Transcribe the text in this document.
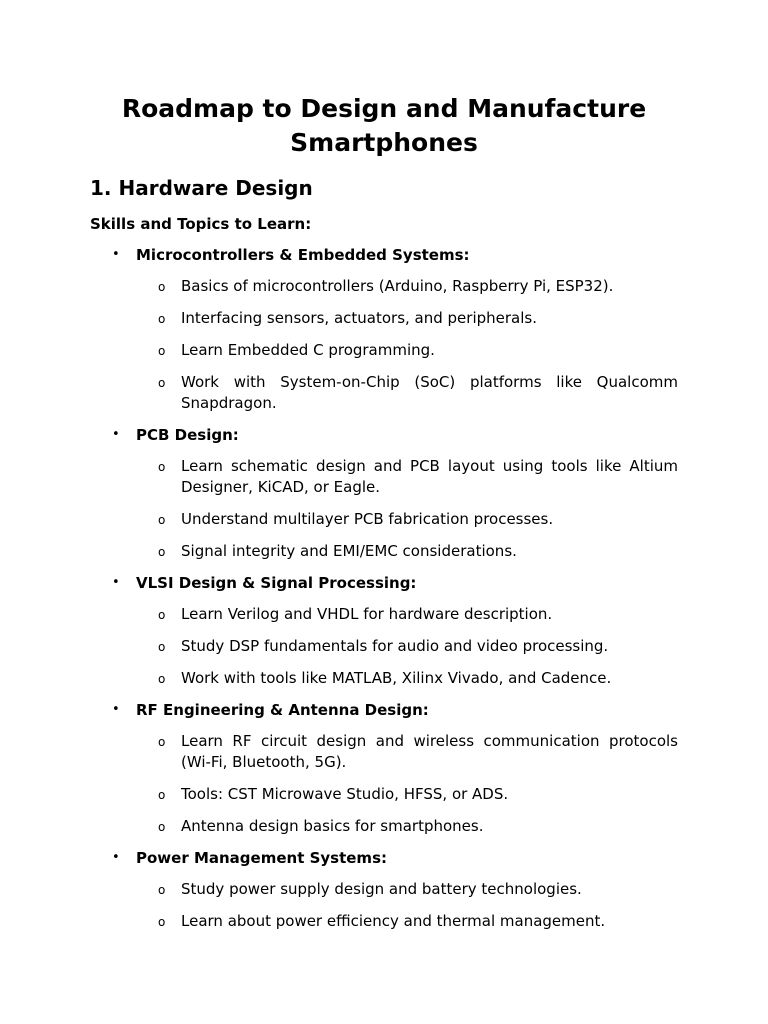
Roadmap to Design and Manufacture Smartphones
1. Hardware Design
Skills and Topics to Learn:
• Microcontrollers & Embedded Systems:
o Basics of microcontrollers (Arduino, Raspberry Pi, ESP32).
o Interfacing sensors, actuators, and peripherals.
o Learn Embedded C programming.
o Work with System-on-Chip (SoC) platforms like Qualcomm Snapdragon.
• PCB Design:
o Learn schematic design and PCB layout using tools like Altium Designer, KiCAD, or Eagle.
o Understand multilayer PCB fabrication processes.
o Signal integrity and EMI/EMC considerations.
• VLSI Design & Signal Processing:
o Learn Verilog and VHDL for hardware description.
o Study DSP fundamentals for audio and video processing.
o Work with tools like MATLAB, Xilinx Vivado, and Cadence.
• RF Engineering & Antenna Design:
o Learn RF circuit design and wireless communication protocols (Wi-Fi, Bluetooth, 5G).
o Tools: CST Microwave Studio, HFSS, or ADS.
o Antenna design basics for smartphones.
• Power Management Systems:
o Study power supply design and battery technologies.
o Learn about power efficiency and thermal management.
